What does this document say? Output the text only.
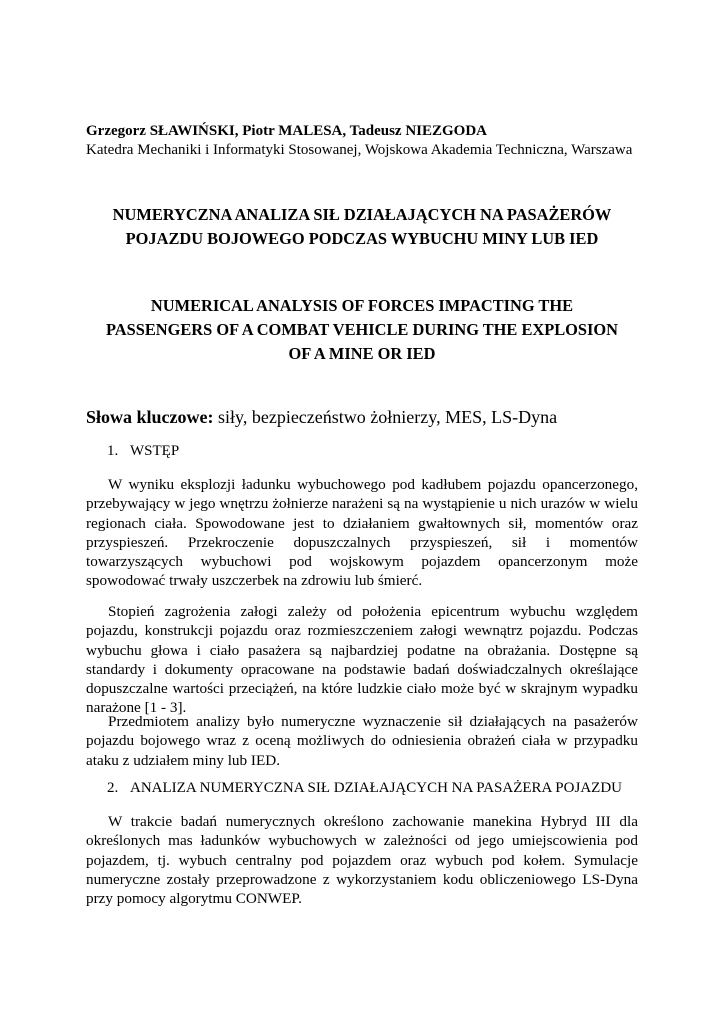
Grzegorz SŁAWIŃSKI, Piotr MALESA, Tadeusz NIEZGODA
Katedra Mechaniki i Informatyki Stosowanej, Wojskowa Akademia Techniczna, Warszawa
NUMERYCZNA ANALIZA SIŁ DZIAŁAJĄCYCH NA PASAŻERÓW
POJAZDU BOJOWEGO PODCZAS WYBUCHU MINY LUB IED
NUMERICAL ANALYSIS OF FORCES IMPACTING THE
PASSENGERS OF A COMBAT VEHICLE DURING THE EXPLOSION
OF A MINE OR IED
Słowa kluczowe: siły, bezpieczeństwo żołnierzy, MES, LS-Dyna
1. WSTĘP

W wyniku eksplozji ładunku wybuchowego pod kadłubem pojazdu opancerzonego, przebywający w jego wnętrzu żołnierze narażeni są na wystąpienie u nich urazów w wielu regionach ciała. Spowodowane jest to działaniem gwałtownych sił, momentów oraz przyspieszeń. Przekroczenie dopuszczalnych przyspieszeń, sił i momentów towarzyszących wybuchowi pod wojskowym pojazdem opancerzonym może spowodować trwały uszczerbek na zdrowiu lub śmierć.

Stopień zagrożenia załogi zależy od położenia epicentrum wybuchu względem pojazdu, konstrukcji pojazdu oraz rozmieszczeniem załogi wewnątrz pojazdu. Podczas wybuchu głowa i ciało pasażera są najbardziej podatne na obrażania. Dostępne są standardy i dokumenty opracowane na podstawie badań doświadczalnych określające dopuszczalne wartości przeciążeń, na które ludzkie ciało może być w skrajnym wypadku narażone [1 - 3].

Przedmiotem analizy było numeryczne wyznaczenie sił działających na pasażerów pojazdu bojowego wraz z oceną możliwych do odniesienia obrażeń ciała w przypadku ataku z udziałem miny lub IED.

2. ANALIZA NUMERYCZNA SIŁ DZIAŁAJĄCYCH NA PASAŻERA POJAZDU

W trakcie badań numerycznych określono zachowanie manekina Hybryd III dla określonych mas ładunków wybuchowych w zależności od jego umiejscowienia pod pojazdem, tj. wybuch centralny pod pojazdem oraz wybuch pod kołem. Symulacje numeryczne zostały przeprowadzone z wykorzystaniem kodu obliczeniowego LS-Dyna przy pomocy algorytmu CONWEP.
